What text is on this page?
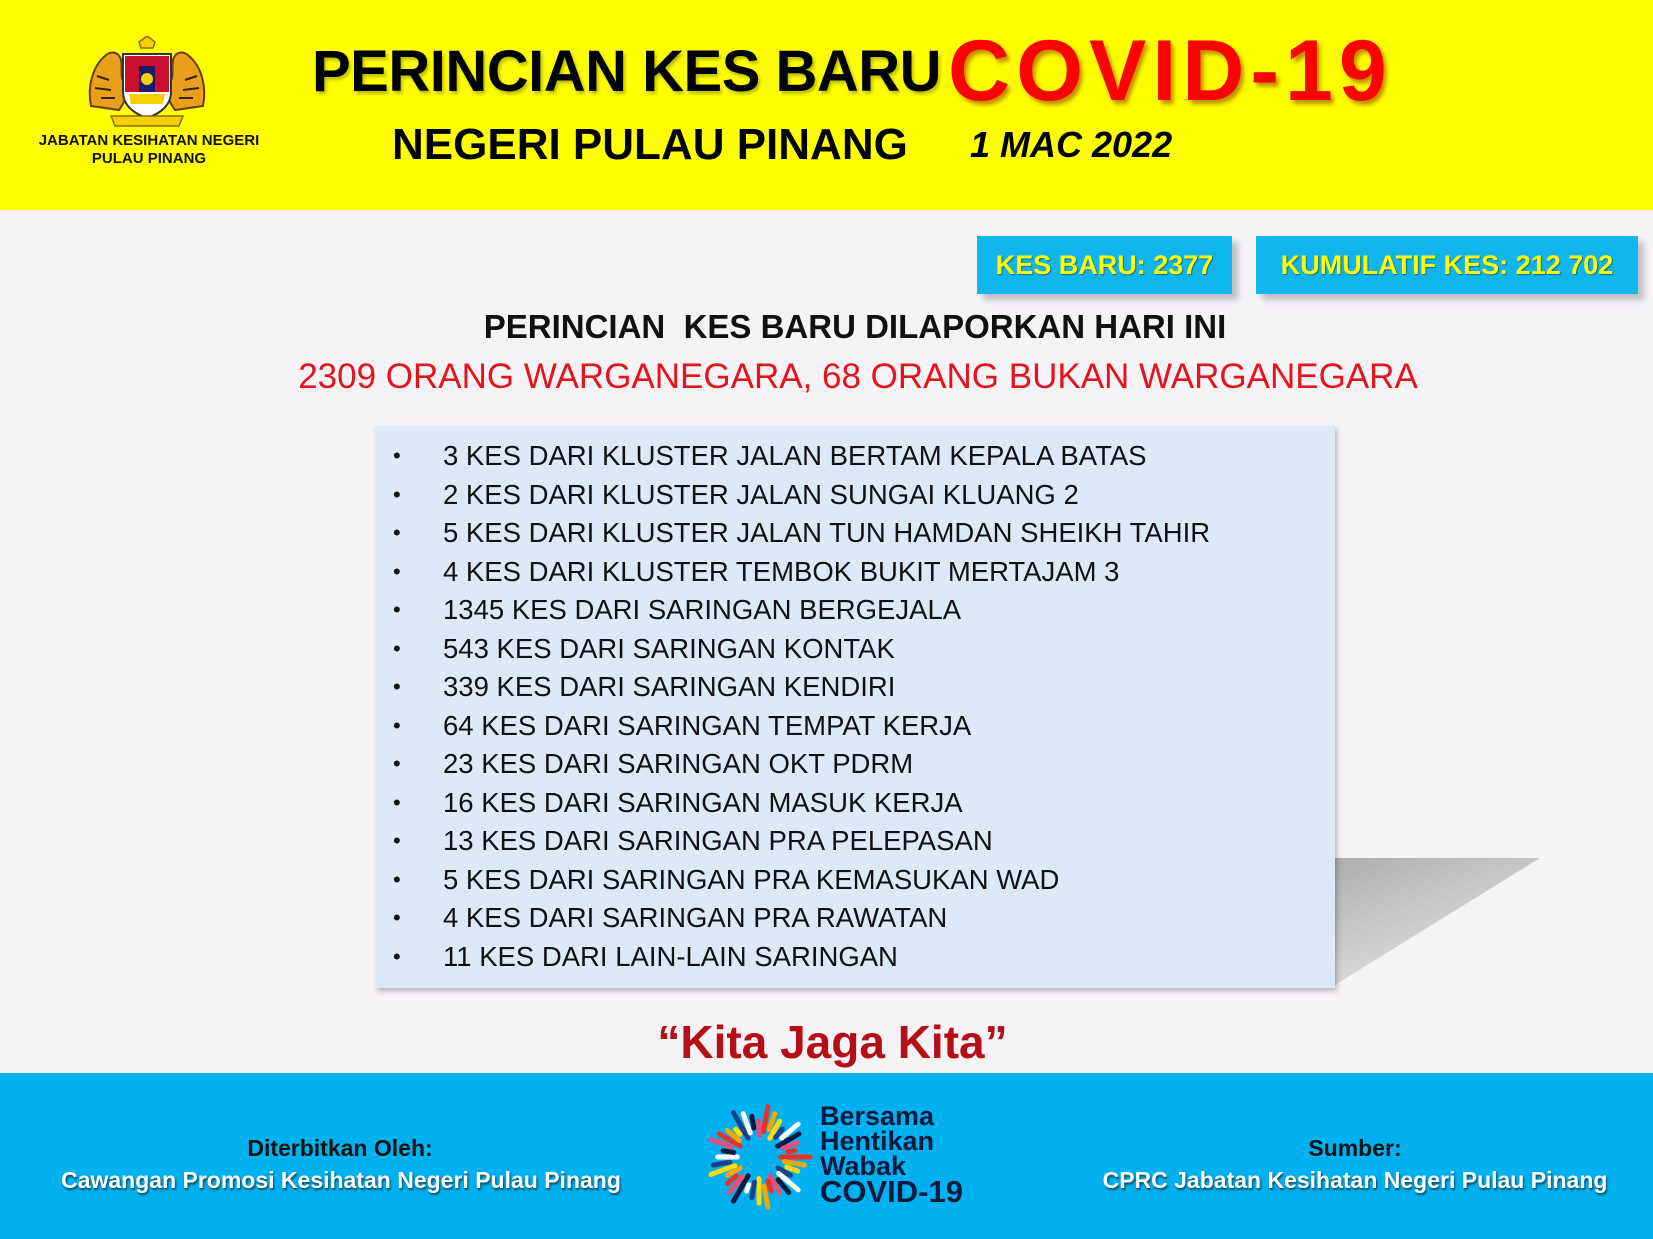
JABATAN KESIHATAN NEGERI
PULAU PINANG
PERINCIAN KES BARU COVID-19
NEGERI PULAU PINANG 1 MAC 2022
KES BARU: 2377	KUMULATIF KES: 212 702
PERINCIAN  KES BARU DILAPORKAN HARI INI
2309 ORANG WARGANEGARA, 68 ORANG BUKAN WARGANEGARA
• 3 KES DARI KLUSTER JALAN BERTAM KEPALA BATAS
• 2 KES DARI KLUSTER JALAN SUNGAI KLUANG 2
• 5 KES DARI KLUSTER JALAN TUN HAMDAN SHEIKH TAHIR
• 4 KES DARI KLUSTER TEMBOK BUKIT MERTAJAM 3
• 1345 KES DARI SARINGAN BERGEJALA
• 543 KES DARI SARINGAN KONTAK
• 339 KES DARI SARINGAN KENDIRI
• 64 KES DARI SARINGAN TEMPAT KERJA
• 23 KES DARI SARINGAN OKT PDRM
• 16 KES DARI SARINGAN MASUK KERJA
• 13 KES DARI SARINGAN PRA PELEPASAN
• 5 KES DARI SARINGAN PRA KEMASUKAN WAD
• 4 KES DARI SARINGAN PRA RAWATAN
• 11 KES DARI LAIN-LAIN SARINGAN
“Kita Jaga Kita”
Diterbitkan Oleh:
Cawangan Promosi Kesihatan Negeri Pulau Pinang
Bersama
Hentikan
Wabak
COVID-19
Sumber:
CPRC Jabatan Kesihatan Negeri Pulau Pinang
